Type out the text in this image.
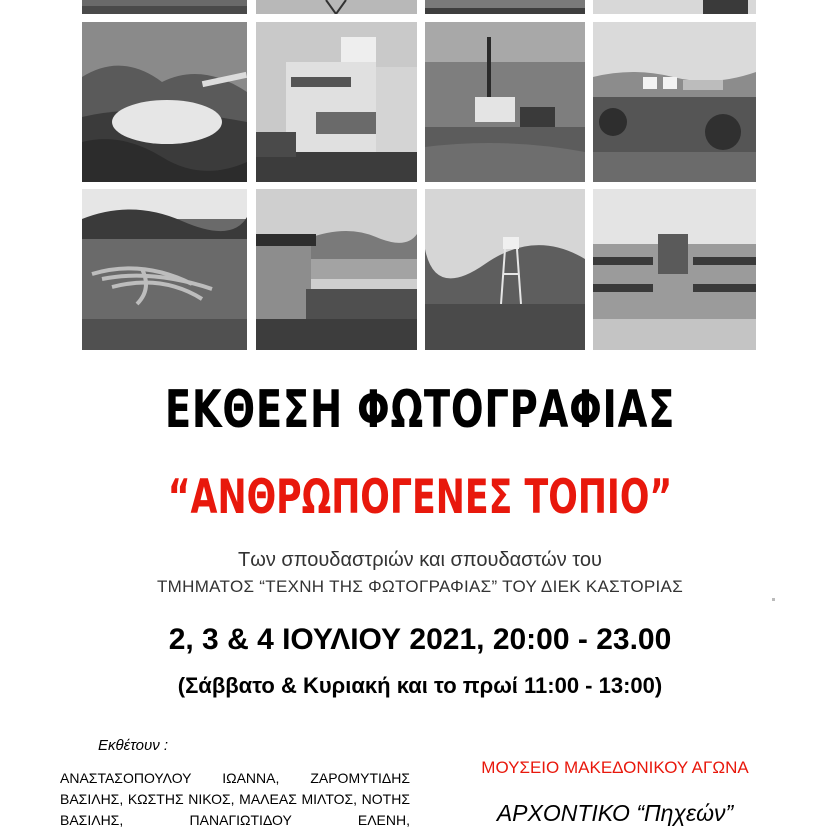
ΕΚΘΕΣΗ ΦΩΤΟΓΡΑΦΙΑΣ
“ΑΝΘΡΩΠΟΓΕΝΕΣ ΤΟΠΙΟ”
Των σπουδαστριών και σπουδαστών του
ΤΜΗΜΑΤΟΣ “ΤΕΧΝΗ ΤΗΣ ΦΩΤΟΓΡΑΦΙΑΣ” ΤΟΥ ΔΙΕΚ ΚΑΣΤΟΡΙΑΣ
2, 3 & 4 ΙΟΥΛΙΟΥ 2021, 20:00 - 23.00
(Σάββατο & Κυριακή και το πρωί 11:00 - 13:00)
Εκθέτουν :
ΑΝΑΣΤΑΣΟΠΟΥΛΟΥ ΙΩΑΝΝΑ, ΖΑΡΟΜΥΤΙΔΗΣ ΒΑΣΙΛΗΣ, ΚΩΣΤΗΣ ΝΙΚΟΣ, ΜΑΛΕΑΣ ΜΙΛΤΟΣ, ΝΟΤΗΣ ΒΑΣΙΛΗΣ, ΠΑΝΑΓΙΩΤΙΔΟΥ ΕΛΕΝΗ,
ΜΟΥΣΕΙΟ ΜΑΚΕΔΟΝΙΚΟΥ ΑΓΩΝΑ
ΑΡΧΟΝΤΙΚΟ “Πηχεών”
